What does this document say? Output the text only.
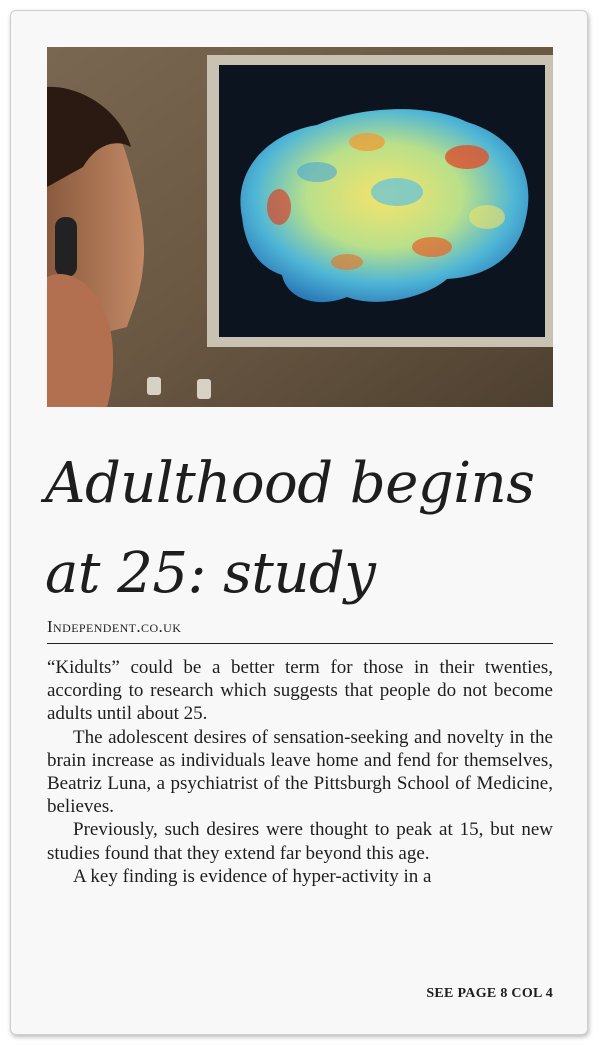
Adulthood begins at 25: study
Independent.co.uk

“Kidults” could be a better term for those in their twenties, according to research which suggests that people do not become adults until about 25.

The adolescent desires of sensation-seeking and novelty in the brain increase as individuals leave home and fend for themselves, Beatriz Luna, a psychiatrist of the Pittsburgh School of Medicine, believes.

Previously, such desires were thought to peak at 15, but new studies found that they extend far beyond this age.

A key finding is evidence of hyper-activity in a

SEE PAGE 8 COL 4
